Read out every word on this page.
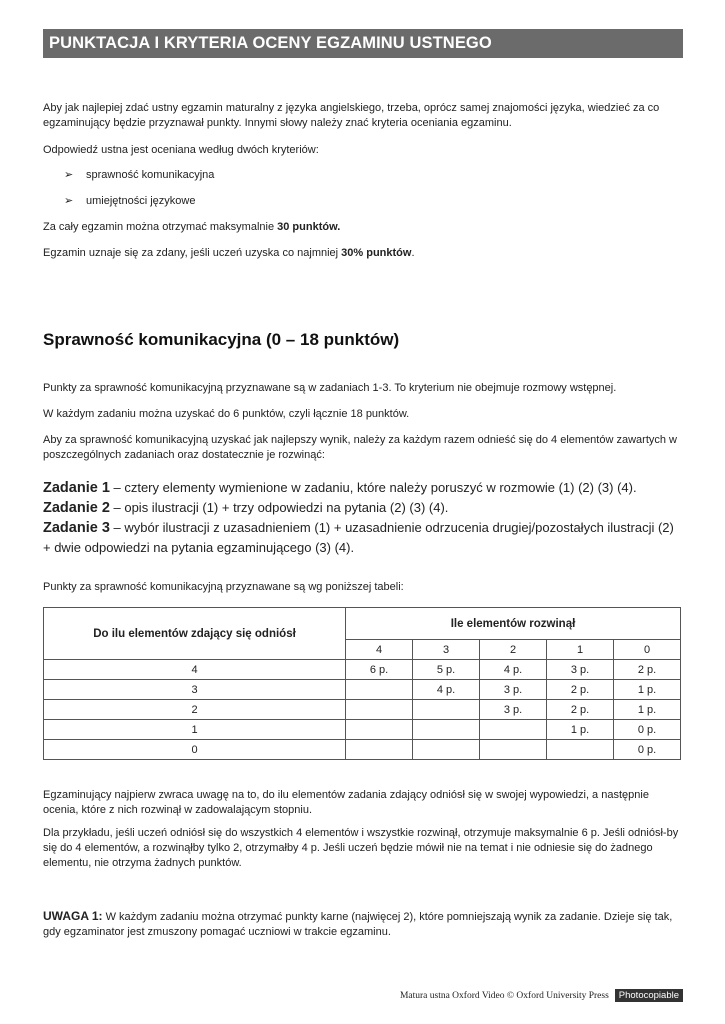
PUNKTACJA I KRYTERIA OCENY EGZAMINU USTNEGO
Aby jak najlepiej zdać ustny egzamin maturalny z języka angielskiego, trzeba, oprócz samej znajomości języka, wiedzieć za co egzaminujący będzie przyznawał punkty. Innymi słowy należy znać kryteria oceniania egzaminu.
Odpowiedź ustna jest oceniana według dwóch kryteriów:
➢ sprawność komunikacyjna
➢ umiejętności językowe
Za cały egzamin można otrzymać maksymalnie 30 punktów.
Egzamin uznaje się za zdany, jeśli uczeń uzyska co najmniej 30% punktów.
Sprawność komunikacyjna (0 – 18 punktów)
Punkty za sprawność komunikacyjną przyznawane są w zadaniach 1-3. To kryterium nie obejmuje rozmowy wstępnej.
W każdym zadaniu można uzyskać do 6 punktów, czyli łącznie 18 punktów.
Aby za sprawność komunikacyjną uzyskać jak najlepszy wynik, należy za każdym razem odnieść się do 4 elementów zawartych w poszczególnych zadaniach oraz dostatecznie je rozwinąć:
Zadanie 1 – cztery elementy wymienione w zadaniu, które należy poruszyć w rozmowie (1) (2) (3) (4).
Zadanie 2 – opis ilustracji (1) + trzy odpowiedzi na pytania (2) (3) (4).
Zadanie 3 – wybór ilustracji z uzasadnieniem (1) + uzasadnienie odrzucenia drugiej/pozostałych ilustracji (2) + dwie odpowiedzi na pytania egzaminującego (3) (4).
Punkty za sprawność komunikacyjną przyznawane są wg poniższej tabeli:
Do ilu elementów zdający się odniósł	Ile elementów rozwinął				
	4	3	2	1	0
4	6 p.	5 p.	4 p.	3 p.	2 p.
3		4 p.	3 p.	2 p.	1 p.
2			3 p.	2 p.	1 p.
1				1 p.	0 p.
0					0 p.
Egzaminujący najpierw zwraca uwagę na to, do ilu elementów zadania zdający odniósł się w swojej wypowiedzi, a następnie ocenia, które z nich rozwinął w zadowalającym stopniu.
Dla przykładu, jeśli uczeń odniósł się do wszystkich 4 elementów i wszystkie rozwinął, otrzymuje maksymalnie 6 p. Jeśli odniósł-by się do 4 elementów, a rozwinąłby tylko 2, otrzymałby 4 p. Jeśli uczeń będzie mówił nie na temat i nie odniesie się do żadnego elementu, nie otrzyma żadnych punktów.
UWAGA 1: W każdym zadaniu można otrzymać punkty karne (najwięcej 2), które pomniejszają wynik za zadanie. Dzieje się tak, gdy egzaminator jest zmuszony pomagać uczniowi w trakcie egzaminu.
Matura ustna Oxford Video © Oxford University Press Photocopiable
